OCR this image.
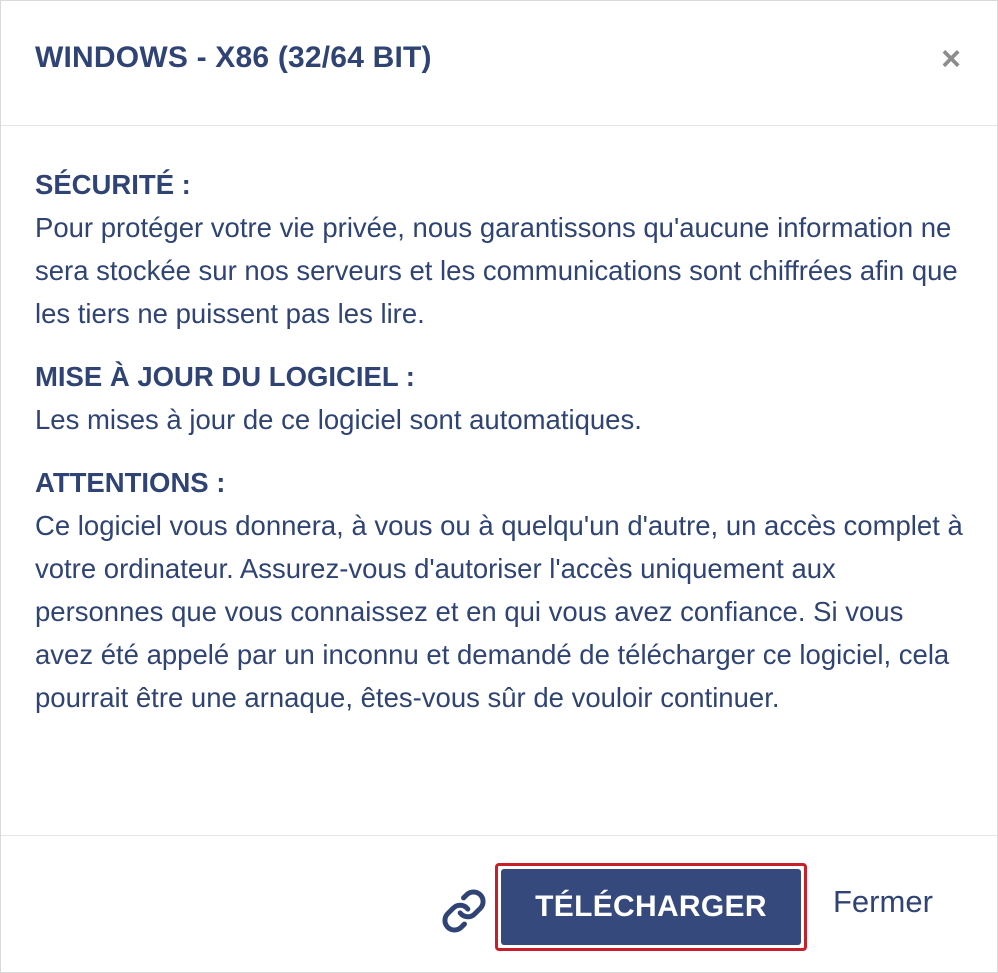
WINDOWS - X86 (32/64 BIT)	×
SÉCURITÉ :
Pour protéger votre vie privée, nous garantissons qu'aucune information ne sera stockée sur nos serveurs et les communications sont chiffrées afin que les tiers ne puissent pas les lire.
MISE À JOUR DU LOGICIEL :
Les mises à jour de ce logiciel sont automatiques.
ATTENTIONS :
Ce logiciel vous donnera, à vous ou à quelqu'un d'autre, un accès complet à votre ordinateur. Assurez-vous d'autoriser l'accès uniquement aux personnes que vous connaissez et en qui vous avez confiance. Si vous avez été appelé par un inconnu et demandé de télécharger ce logiciel, cela pourrait être une arnaque, êtes-vous sûr de vouloir continuer.
TÉLÉCHARGER	Fermer
